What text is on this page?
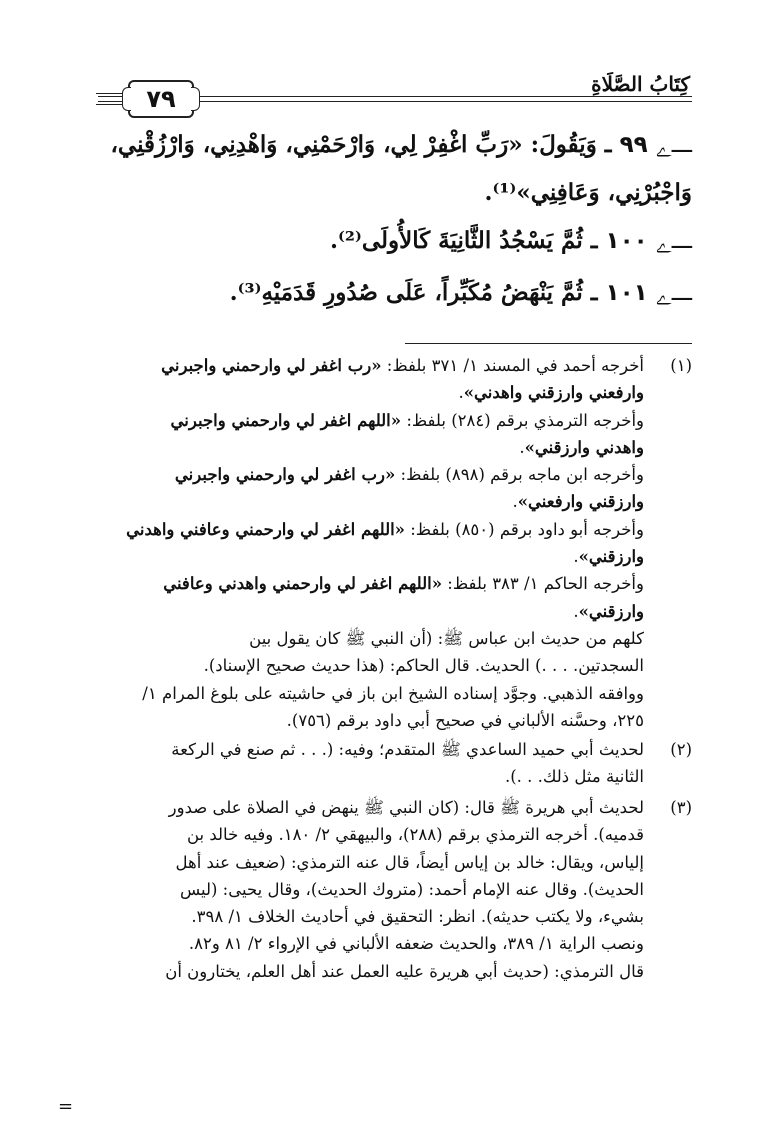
٧٩
كِتَابُ الصَّلَاةِ
ـــﮮ ٩٩ ـ وَيَقُولَ: «رَبِّ اغْفِرْ لِي، وَارْحَمْنِي، وَاهْدِنِي، وَارْزُقْنِي،
وَاجْبُرْنِي، وَعَافِنِي»⁽¹⁾.
ـــﮮ ١٠٠ ـ ثُمَّ يَسْجُدُ الثَّانِيَةَ كَالأُولَى⁽²⁾.
ـــﮮ ١٠١ ـ ثُمَّ يَنْهَضُ مُكَبِّراً، عَلَى صُدُورِ قَدَمَيْهِ⁽³⁾.
(١)

أخرجه أحمد في المسند ١/ ٣٧١ بلفظ: «رب اغفر لي وارحمني واجبرني

وارفعني وارزقني واهدني».

وأخرجه الترمذي برقم (٢٨٤) بلفظ: «اللهم اغفر لي وارحمني واجبرني

واهدني وارزقني».

وأخرجه ابن ماجه برقم (٨٩٨) بلفظ: «رب اغفر لي وارحمني واجبرني

وارزقني وارفعني».

وأخرجه أبو داود برقم (٨٥٠) بلفظ: «اللهم اغفر لي وارحمني وعافني واهدني

وارزقني».

وأخرجه الحاكم ١/ ٣٨٣ بلفظ: «اللهم اغفر لي وارحمني واهدني وعافني

وارزقني».

كلهم من حديث ابن عباس ﷺ: (أن النبي ﷺ كان يقول بين

السجدتين. . . .) الحديث. قال الحاكم: (هذا حديث صحيح الإسناد).

ووافقه الذهبي. وجوَّد إسناده الشيخ ابن باز في حاشيته على بلوغ المرام ١/

٢٢٥، وحسَّنه الألباني في صحيح أبي داود برقم (٧٥٦).

(٢)

لحديث أبي حميد الساعدي ﷺ المتقدم؛ وفيه: (. . . ثم صنع في الركعة

الثانية مثل ذلك. . .).

(٣)

لحديث أبي هريرة ﷺ قال: (كان النبي ﷺ ينهض في الصلاة على صدور

قدميه). أخرجه الترمذي برقم (٢٨٨)، والبيهقي ٢/ ١٨٠. وفيه خالد بن

إلياس، ويقال: خالد بن إياس أيضاً، قال عنه الترمذي: (ضعيف عند أهل

الحديث). وقال عنه الإمام أحمد: (متروك الحديث)، وقال يحيى: (ليس

بشيء، ولا يكتب حديثه). انظر: التحقيق في أحاديث الخلاف ١/ ٣٩٨.

ونصب الراية ١/ ٣٨٩، والحديث ضعفه الألباني في الإرواء ٢/ ٨١ و٨٢.

قال الترمذي: (حديث أبي هريرة عليه العمل عند أهل العلم، يختارون أن

=
